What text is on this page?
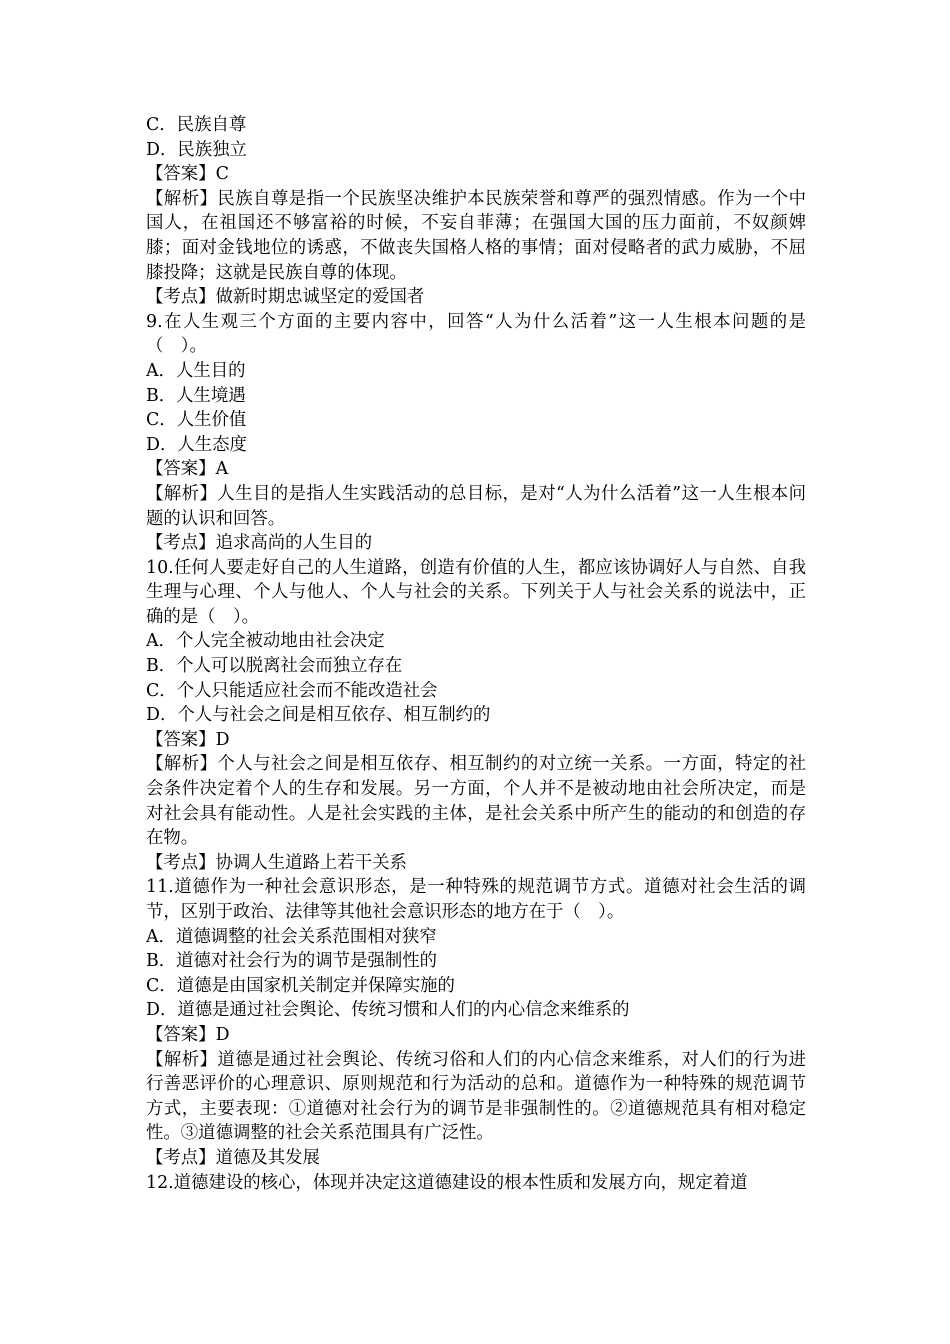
C．民族自尊
D．民族独立
【答案】C
【解析】民族自尊是指一个民族坚决维护本民族荣誉和尊严的强烈情感。作为一个中国人，在祖国还不够富裕的时候，不妄自菲薄；在强国大国的压力面前，不奴颜婢膝；面对金钱地位的诱惑，不做丧失国格人格的事情；面对侵略者的武力威胁，不屈膝投降；这就是民族自尊的体现。
【考点】做新时期忠诚坚定的爱国者
9.在人生观三个方面的主要内容中，回答“人为什么活着”这一人生根本问题的是（　）。
A．人生目的
B．人生境遇
C．人生价值
D．人生态度
【答案】A
【解析】人生目的是指人生实践活动的总目标，是对“人为什么活着”这一人生根本问题的认识和回答。
【考点】追求高尚的人生目的
10.任何人要走好自己的人生道路，创造有价值的人生，都应该协调好人与自然、自我生理与心理、个人与他人、个人与社会的关系。下列关于人与社会关系的说法中，正确的是（　）。
A．个人完全被动地由社会决定
B．个人可以脱离社会而独立存在
C．个人只能适应社会而不能改造社会
D．个人与社会之间是相互依存、相互制约的
【答案】D
【解析】个人与社会之间是相互依存、相互制约的对立统一关系。一方面，特定的社会条件决定着个人的生存和发展。另一方面，个人并不是被动地由社会所决定，而是对社会具有能动性。人是社会实践的主体，是社会关系中所产生的能动的和创造的存在物。
【考点】协调人生道路上若干关系
11.道德作为一种社会意识形态，是一种特殊的规范调节方式。道德对社会生活的调节，区别于政治、法律等其他社会意识形态的地方在于（　）。
A．道德调整的社会关系范围相对狭窄
B．道德对社会行为的调节是强制性的
C．道德是由国家机关制定并保障实施的
D．道德是通过社会舆论、传统习惯和人们的内心信念来维系的
【答案】D
【解析】道德是通过社会舆论、传统习俗和人们的内心信念来维系，对人们的行为进行善恶评价的心理意识、原则规范和行为活动的总和。道德作为一种特殊的规范调节方式，主要表现：①道德对社会行为的调节是非强制性的。②道德规范具有相对稳定性。③道德调整的社会关系范围具有广泛性。
【考点】道德及其发展
12.道德建设的核心，体现并决定这道德建设的根本性质和发展方向，规定着道
